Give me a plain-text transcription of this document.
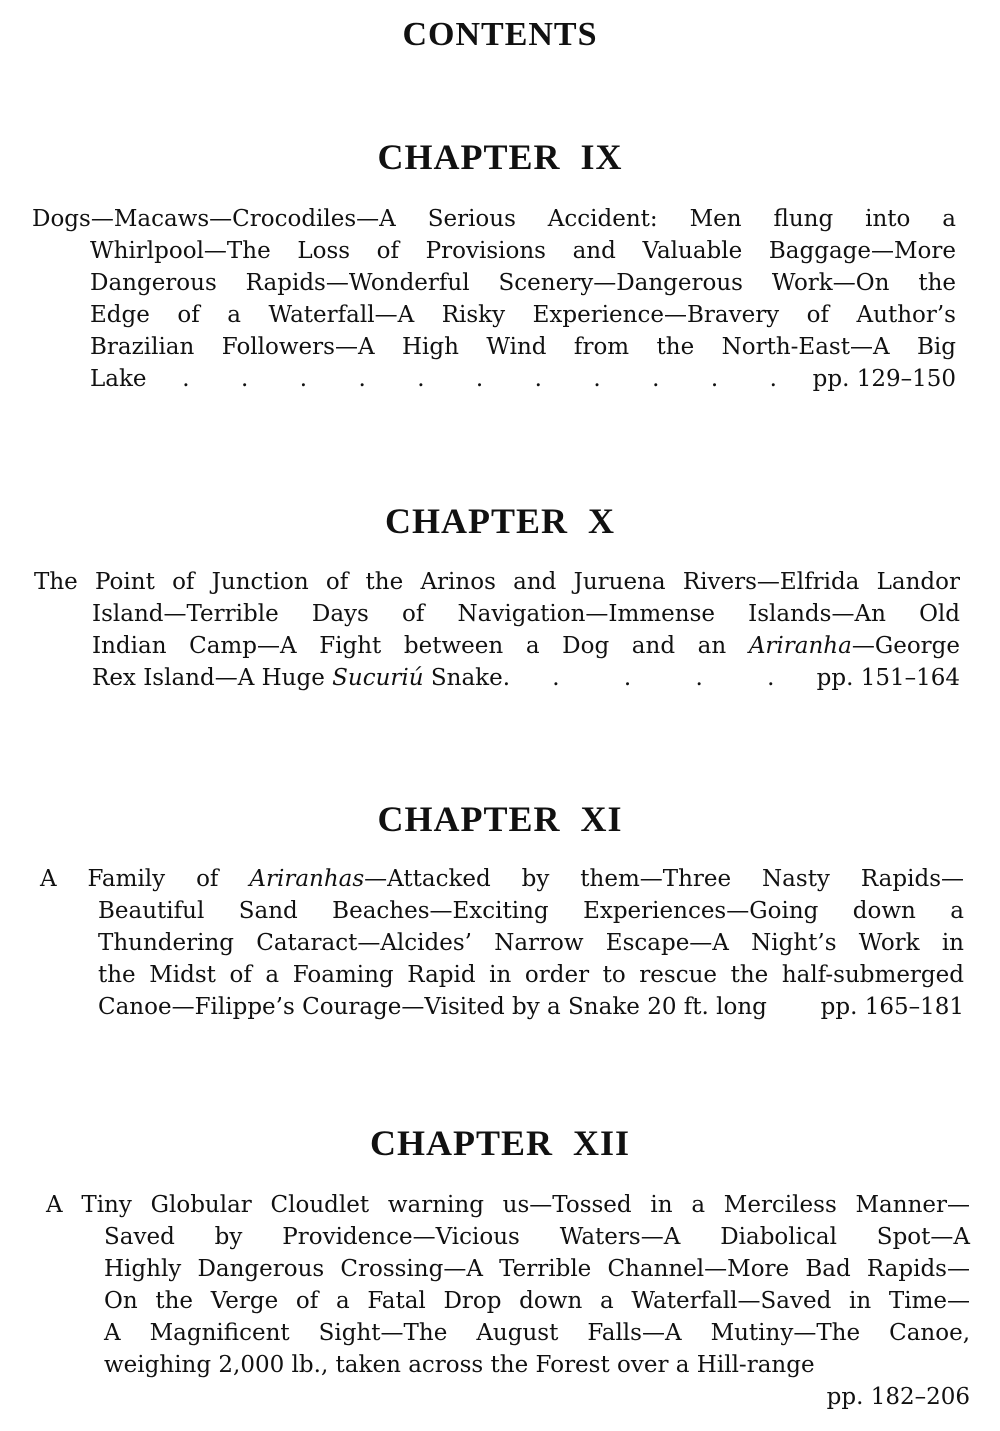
CONTENTS
CHAPTER IX
Dogs—Macaws—Crocodiles—A Serious Accident: Men flung into a
Whirlpool—The Loss of Provisions and Valuable Baggage—More
Dangerous Rapids—Wonderful Scenery—Dangerous Work—On the
Edge of a Waterfall—A Risky Experience—Bravery of Author’s
Brazilian Followers—A High Wind from the North-East—A Big
Lake . . . . . . . . . . . pp. 129–150
CHAPTER X
The Point of Junction of the Arinos and Juruena Rivers—Elfrida Landor
Island—Terrible Days of Navigation—Immense Islands—An Old
Indian Camp—A Fight between a Dog and an Ariranha—George
Rex Island—A Huge Sucuriú Snake. .	.	.	. pp. 151–164
CHAPTER XI
A Family of Ariranhas—Attacked by them—Three Nasty Rapids—
Beautiful Sand Beaches—Exciting Experiences—Going down a
Thundering Cataract—Alcides’ Narrow Escape—A Night’s Work in
the Midst of a Foaming Rapid in order to rescue the half-submerged
Canoe—Filippe’s Courage—Visited by a Snakе 20 ft. long pp. 165–181
CHAPTER XII
A Tiny Globular Cloudlet warning us—Tossed in a Merciless Manner—
Saved by Providence—Vicious Waters—A Diabolical Spot—A
Highly Dangerous Crossing—A Terrible Channel—More Bad Rapids—
On the Verge of a Fatal Drop down a Waterfall—Saved in Time—
A Magnificent Sight—The August Falls—A Mutiny—The Canoe,
weighing 2,000 lb., taken across the Forest over a Hill-range
pp. 182–206
